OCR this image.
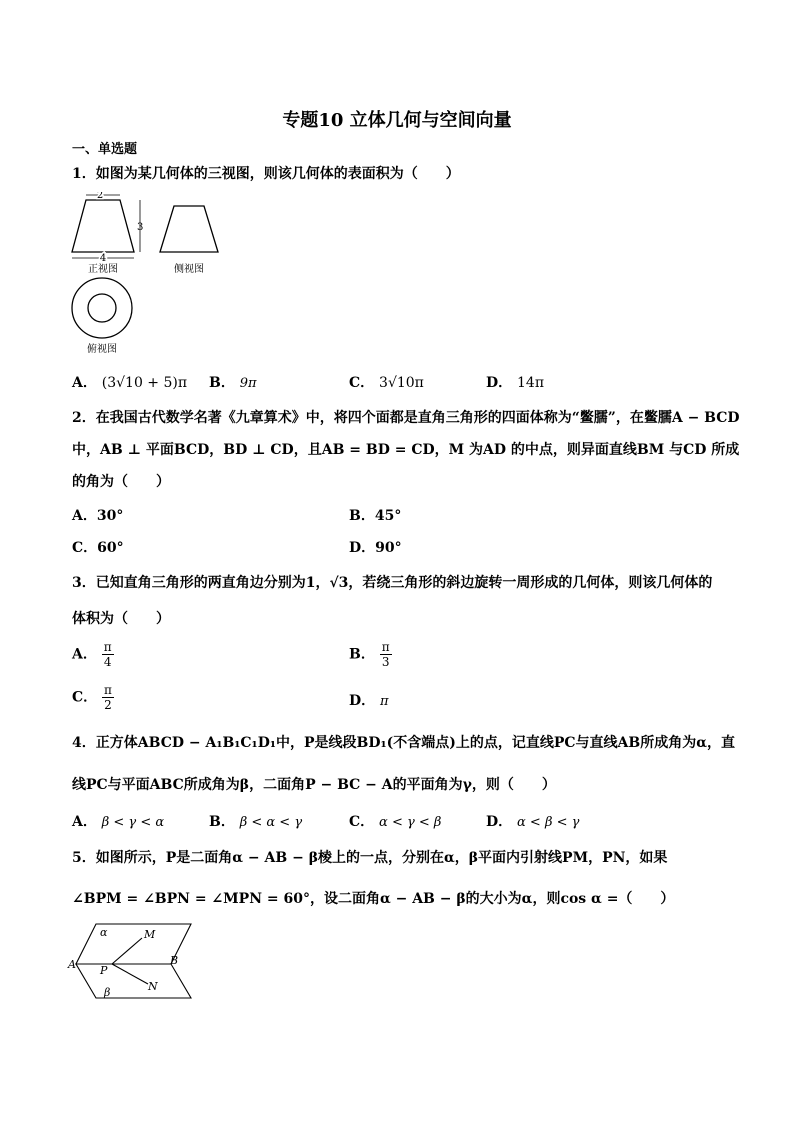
专题10 立体几何与空间向量
一、单选题
1．如图为某几何体的三视图，则该几何体的表面积为（　　）
2
3
4
正视图	侧视图
俯视图
A． (3√10 + 5)π B． 9π	C． 3√10π	D． 14π
2．在我国古代数学名著《九章算术》中，将四个面都是直角三角形的四面体称为“鳖臑”，在鳖臑A − BCD
中，AB ⊥ 平面BCD，BD ⊥ CD，且AB = BD = CD，M 为AD 的中点，则异面直线BM 与CD 所成
的角为（　　）
A．30°	B．45°
C．60°	D．90°
3．已知直角三角形的两直角边分别为1，√3，若绕三角形的斜边旋转一周形成的几何体，则该几何体的
体积为（　　）
A． $\frac{\pi}{4}$	B． $\frac{\pi}{3}$
C． $\frac{\pi}{2}$	D． π
4．正方体ABCD − A₁B₁C₁D₁中，P是线段BD₁(不含端点)上的点，记直线PC与直线AB所成角为α，直
线PC与平面ABC所成角为β，二面角P − BC − A的平面角为γ，则（　　）
A． β < γ < α	B． β < α < γ	C． α < γ < β	D． α < β < γ
5．如图所示，P是二面角α − AB − β棱上的一点，分别在α，β平面内引射线PM，PN，如果
∠BPM = ∠BPN = ∠MPN = 60°，设二面角α − AB − β的大小为α，则cos α =（　　）
α	M
A	B
P
N
β
